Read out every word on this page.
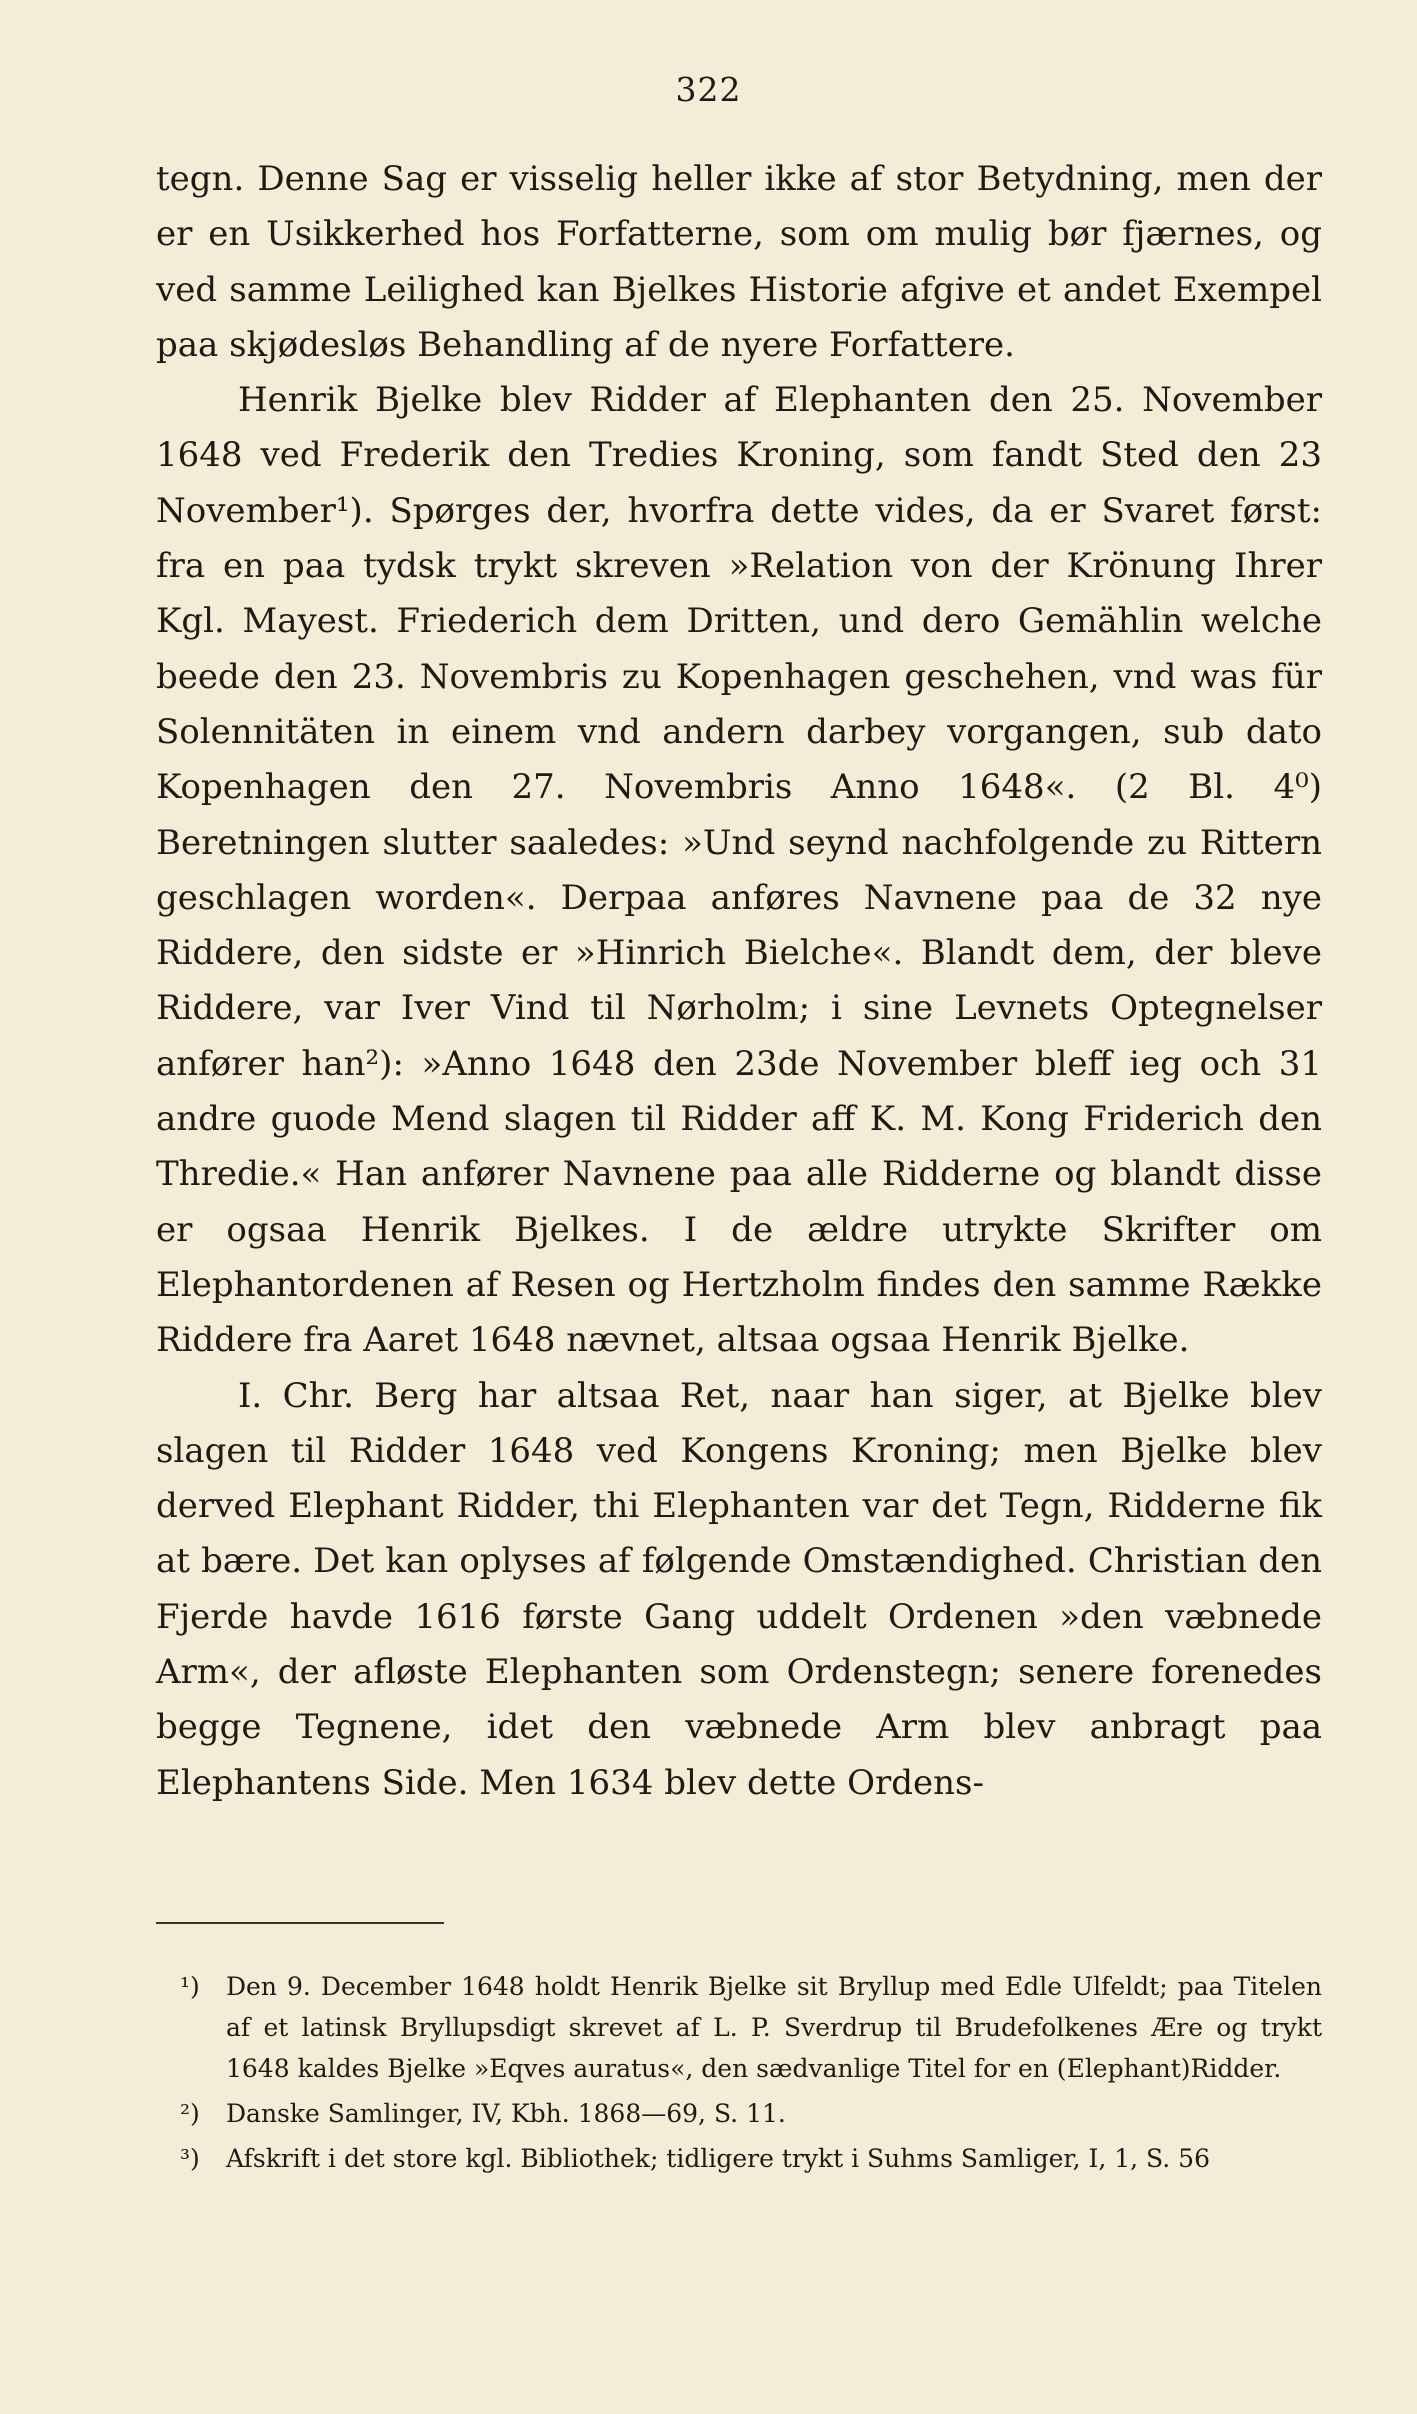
322

tegn. Denne Sag er visselig heller ikke af stor Betydning, men der er en Usikkerhed hos Forfatterne, som om mulig bør fjærnes, og ved samme Leilighed kan Bjelkes Historie afgive et andet Exempel paa skjødesløs Behandling af de nyere Forfattere.

Henrik Bjelke blev Ridder af Elephanten den 25. November 1648 ved Frederik den Tredies Kroning, som fandt Sted den 23 November¹). Spørges der, hvorfra dette vides, da er Svaret først: fra en paa tydsk trykt skreven »Relation von der Krönung Ihrer Kgl. Mayest. Friederich dem Dritten, und dero Gemählin welche beede den 23. Novembris zu Kopenhagen geschehen, vnd was für Solennitäten in einem vnd andern darbey vorgangen, sub dato Kopenhagen den 27. Novembris Anno 1648«. (2 Bl. 4⁰) Beretningen slutter saaledes: »Und seynd nachfolgende zu Rittern geschlagen worden«. Derpaa anføres Navnene paa de 32 nye Riddere, den sidste er »Hinrich Bielche«. Blandt dem, der bleve Riddere, var Iver Vind til Nørholm; i sine Levnets Optegnelser anfører han²): »Anno 1648 den 23de November bleff ieg och 31 andre guode Mend slagen til Ridder aff K. M. Kong Friderich den Thredie.« Han anfører Navnene paa alle Ridderne og blandt disse er ogsaa Henrik Bjelkes. I de ældre utrykte Skrifter om Elephantordenen af Resen og Hertzholm findes den samme Række Riddere fra Aaret 1648 nævnet, altsaa ogsaa Henrik Bjelke.

I. Chr. Berg har altsaa Ret, naar han siger, at Bjelke blev slagen til Ridder 1648 ved Kongens Kroning; men Bjelke blev derved Elephant Ridder, thi Elephanten var det Tegn, Ridderne fik at bære. Det kan oplyses af følgende Omstændighed. Christian den Fjerde havde 1616 første Gang uddelt Ordenen »den væbnede Arm«, der afløste Elephanten som Ordenstegn; senere forenedes begge Tegnene, idet den væbnede Arm blev anbragt paa Elephantens Side. Men 1634 blev dette Ordens-

¹) Den 9. December 1648 holdt Henrik Bjelke sit Bryllup med Edle Ulfeldt; paa Titelen af et latinsk Bryllupsdigt skrevet af L. P. Sverdrup til Brudefolkenes Ære og trykt 1648 kaldes Bjelke »Eqves auratus«, den sædvanlige Titel for en (Elephant)Ridder.

²) Danske Samlinger, IV, Kbh. 1868—69, S. 11.

³) Afskrift i det store kgl. Bibliothek; tidligere trykt i Suhms Samliger, I, 1, S. 56
